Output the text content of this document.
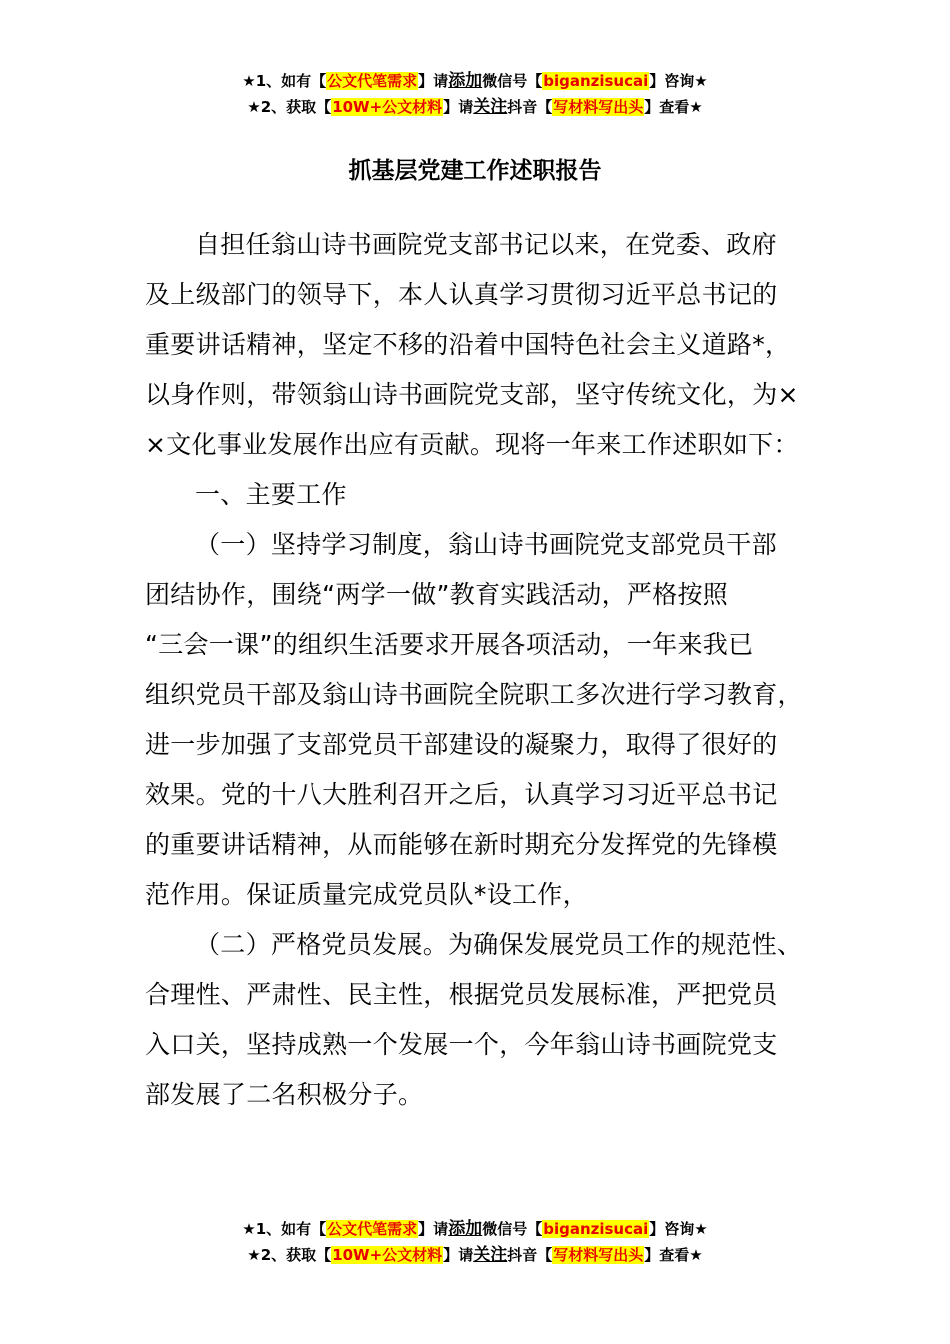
★1、如有【公文代笔需求】请添加微信号【biganzisucai】咨询★
★2、获取【10W+公文材料】请关注抖音【写材料写出头】查看★
抓基层党建工作述职报告
自担任翁山诗书画院党支部书记以来，在党委、政府
及上级部门的领导下，本人认真学习贯彻习近平总书记的
重要讲话精神，坚定不移的沿着中国特色社会主义道路*，
以身作则，带领翁山诗书画院党支部，坚守传统文化，为×
×文化事业发展作出应有贡献。现将一年来工作述职如下：
一、主要工作
（一）坚持学习制度，翁山诗书画院党支部党员干部
团结协作，围绕“两学一做”教育实践活动，严格按照
“三会一课”的组织生活要求开展各项活动，一年来我已
组织党员干部及翁山诗书画院全院职工多次进行学习教育，
进一步加强了支部党员干部建设的凝聚力，取得了很好的
效果。党的十八大胜利召开之后，认真学习习近平总书记
的重要讲话精神，从而能够在新时期充分发挥党的先锋模
范作用。保证质量完成党员队*设工作，
（二）严格党员发展。为确保发展党员工作的规范性、
合理性、严肃性、民主性，根据党员发展标准，严把党员
入口关，坚持成熟一个发展一个，今年翁山诗书画院党支
部发展了二名积极分子。
★1、如有【公文代笔需求】请添加微信号【biganzisucai】咨询★
★2、获取【10W+公文材料】请关注抖音【写材料写出头】查看★
